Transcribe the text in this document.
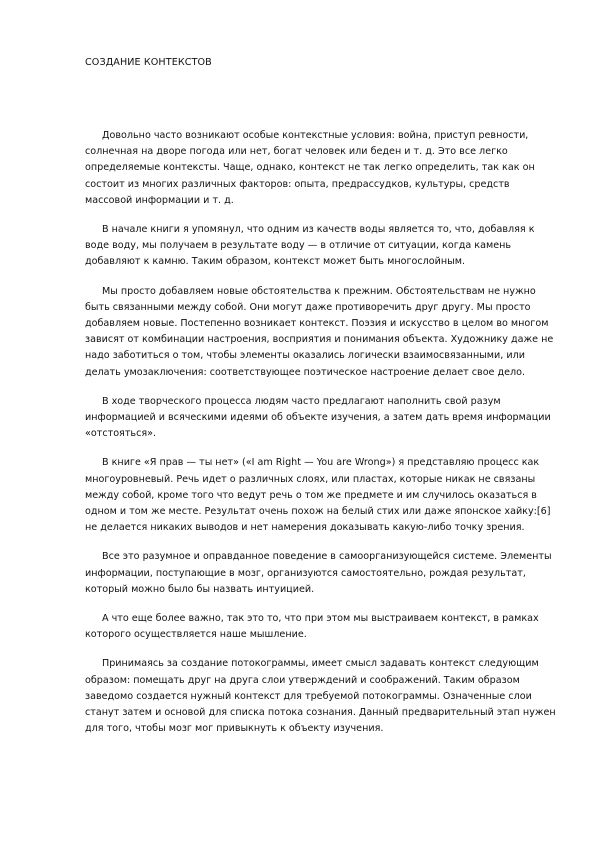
СОЗДАНИЕ КОНТЕКСТОВ

Довольно часто возникают особые контекстные условия: война, приступ ревности, солнечная на дворе погода или нет, богат человек или беден и т. д. Это все легко определяемые контексты. Чаще, однако, контекст не так легко определить, так как он состоит из многих различных факторов: опыта, предрассудков, культуры, средств массовой информации и т. д.

В начале книги я упомянул, что одним из качеств воды является то, что, добавляя к воде воду, мы получаем в результате воду — в отличие от ситуации, когда камень добавляют к камню. Таким образом, контекст может быть многослойным.

Мы просто добавляем новые обстоятельства к прежним. Обстоятельствам не нужно быть связанными между собой. Они могут даже противоречить друг другу. Мы просто добавляем новые. Постепенно возникает контекст. Поэзия и искусство в целом во многом зависят от комбинации настроения, восприятия и понимания объекта. Художнику даже не надо заботиться о том, чтобы элементы оказались логически взаимосвязанными, или делать умозаключения: соответствующее поэтическое настроение делает свое дело.

В ходе творческого процесса людям часто предлагают наполнить свой разум информацией и всяческими идеями об объекте изучения, а затем дать время информации «отстояться».

В книге «Я прав — ты нет» («I am Right — You are Wrong») я представляю процесс как многоуровневый. Речь идет о различных слоях, или пластах, которые никак не связаны между собой, кроме того что ведут речь о том же предмете и им случилось оказаться в одном и том же месте. Результат очень похож на белый стих или даже японское хайку:[6] не делается никаких выводов и нет намерения доказывать какую-либо точку зрения.

Все это разумное и оправданное поведение в самоорганизующейся системе. Элементы информации, поступающие в мозг, организуются самостоятельно, рождая результат, который можно было бы назвать интуицией.

А что еще более важно, так это то, что при этом мы выстраиваем контекст, в рамках которого осуществляется наше мышление.

Принимаясь за создание потокограммы, имеет смысл задавать контекст следующим образом: помещать друг на друга слои утверждений и соображений. Таким образом заведомо создается нужный контекст для требуемой потокограммы. Означенные слои станут затем и основой для списка потока сознания. Данный предварительный этап нужен для того, чтобы мозг мог привыкнуть к объекту изучения.
